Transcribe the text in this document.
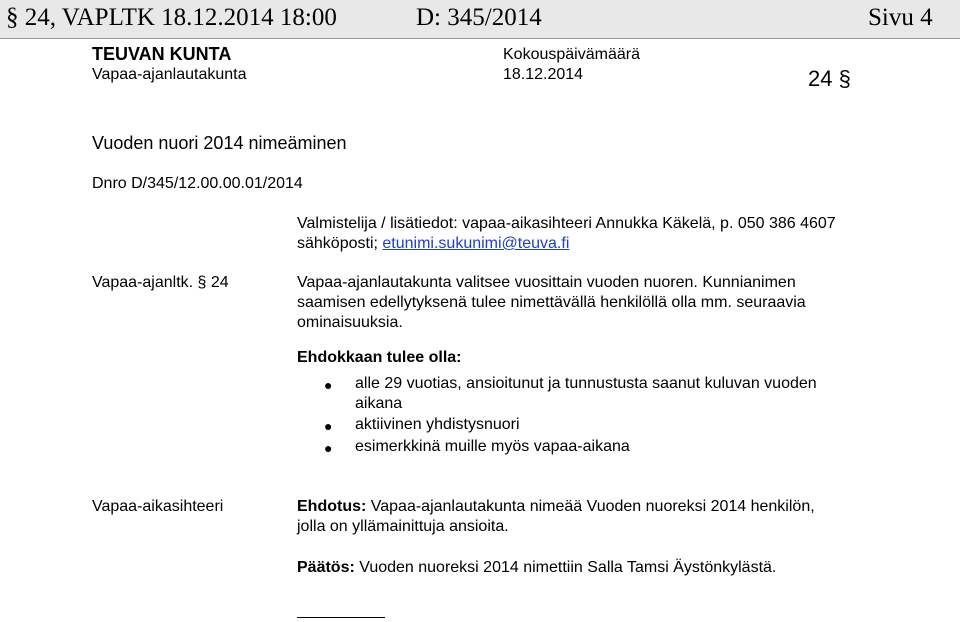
§ 24, VAPLTK 18.12.2014 18:00	D: 345/2014	Sivu 4
TEUVAN KUNTA
Vapaa-ajanlautakunta
Kokouspäivämäärä
18.12.2014	24 §
Vuoden nuori 2014 nimeäminen
Dnro D/345/12.00.00.01/2014
Valmistelija / lisätiedot: vapaa-aikasihteeri Annukka Käkelä, p. 050 386 4607
sähköposti; etunimi.sukunimi@teuva.fi
Vapaa-ajanltk. § 24	Vapaa-ajanlautakunta valitsee vuosittain vuoden nuoren. Kunnianimen
saamisen edellytyksenä tulee nimettävällä henkilöllä olla mm. seuraavia
ominaisuuksia.
Ehdokkaan tulee olla:
● alle 29 vuotias, ansioitunut ja tunnustusta saanut kuluvan vuoden
aikana
● aktiivinen yhdistysnuori
● esimerkkinä muille myös vapaa-aikana
Vapaa-aikasihteeri	Ehdotus: Vapaa-ajanlautakunta nimeää Vuoden nuoreksi 2014 henkilön,
jolla on yllämainittuja ansioita.
Päätös: Vuoden nuoreksi 2014 nimettiin Salla Tamsi Äystönkylästä.
